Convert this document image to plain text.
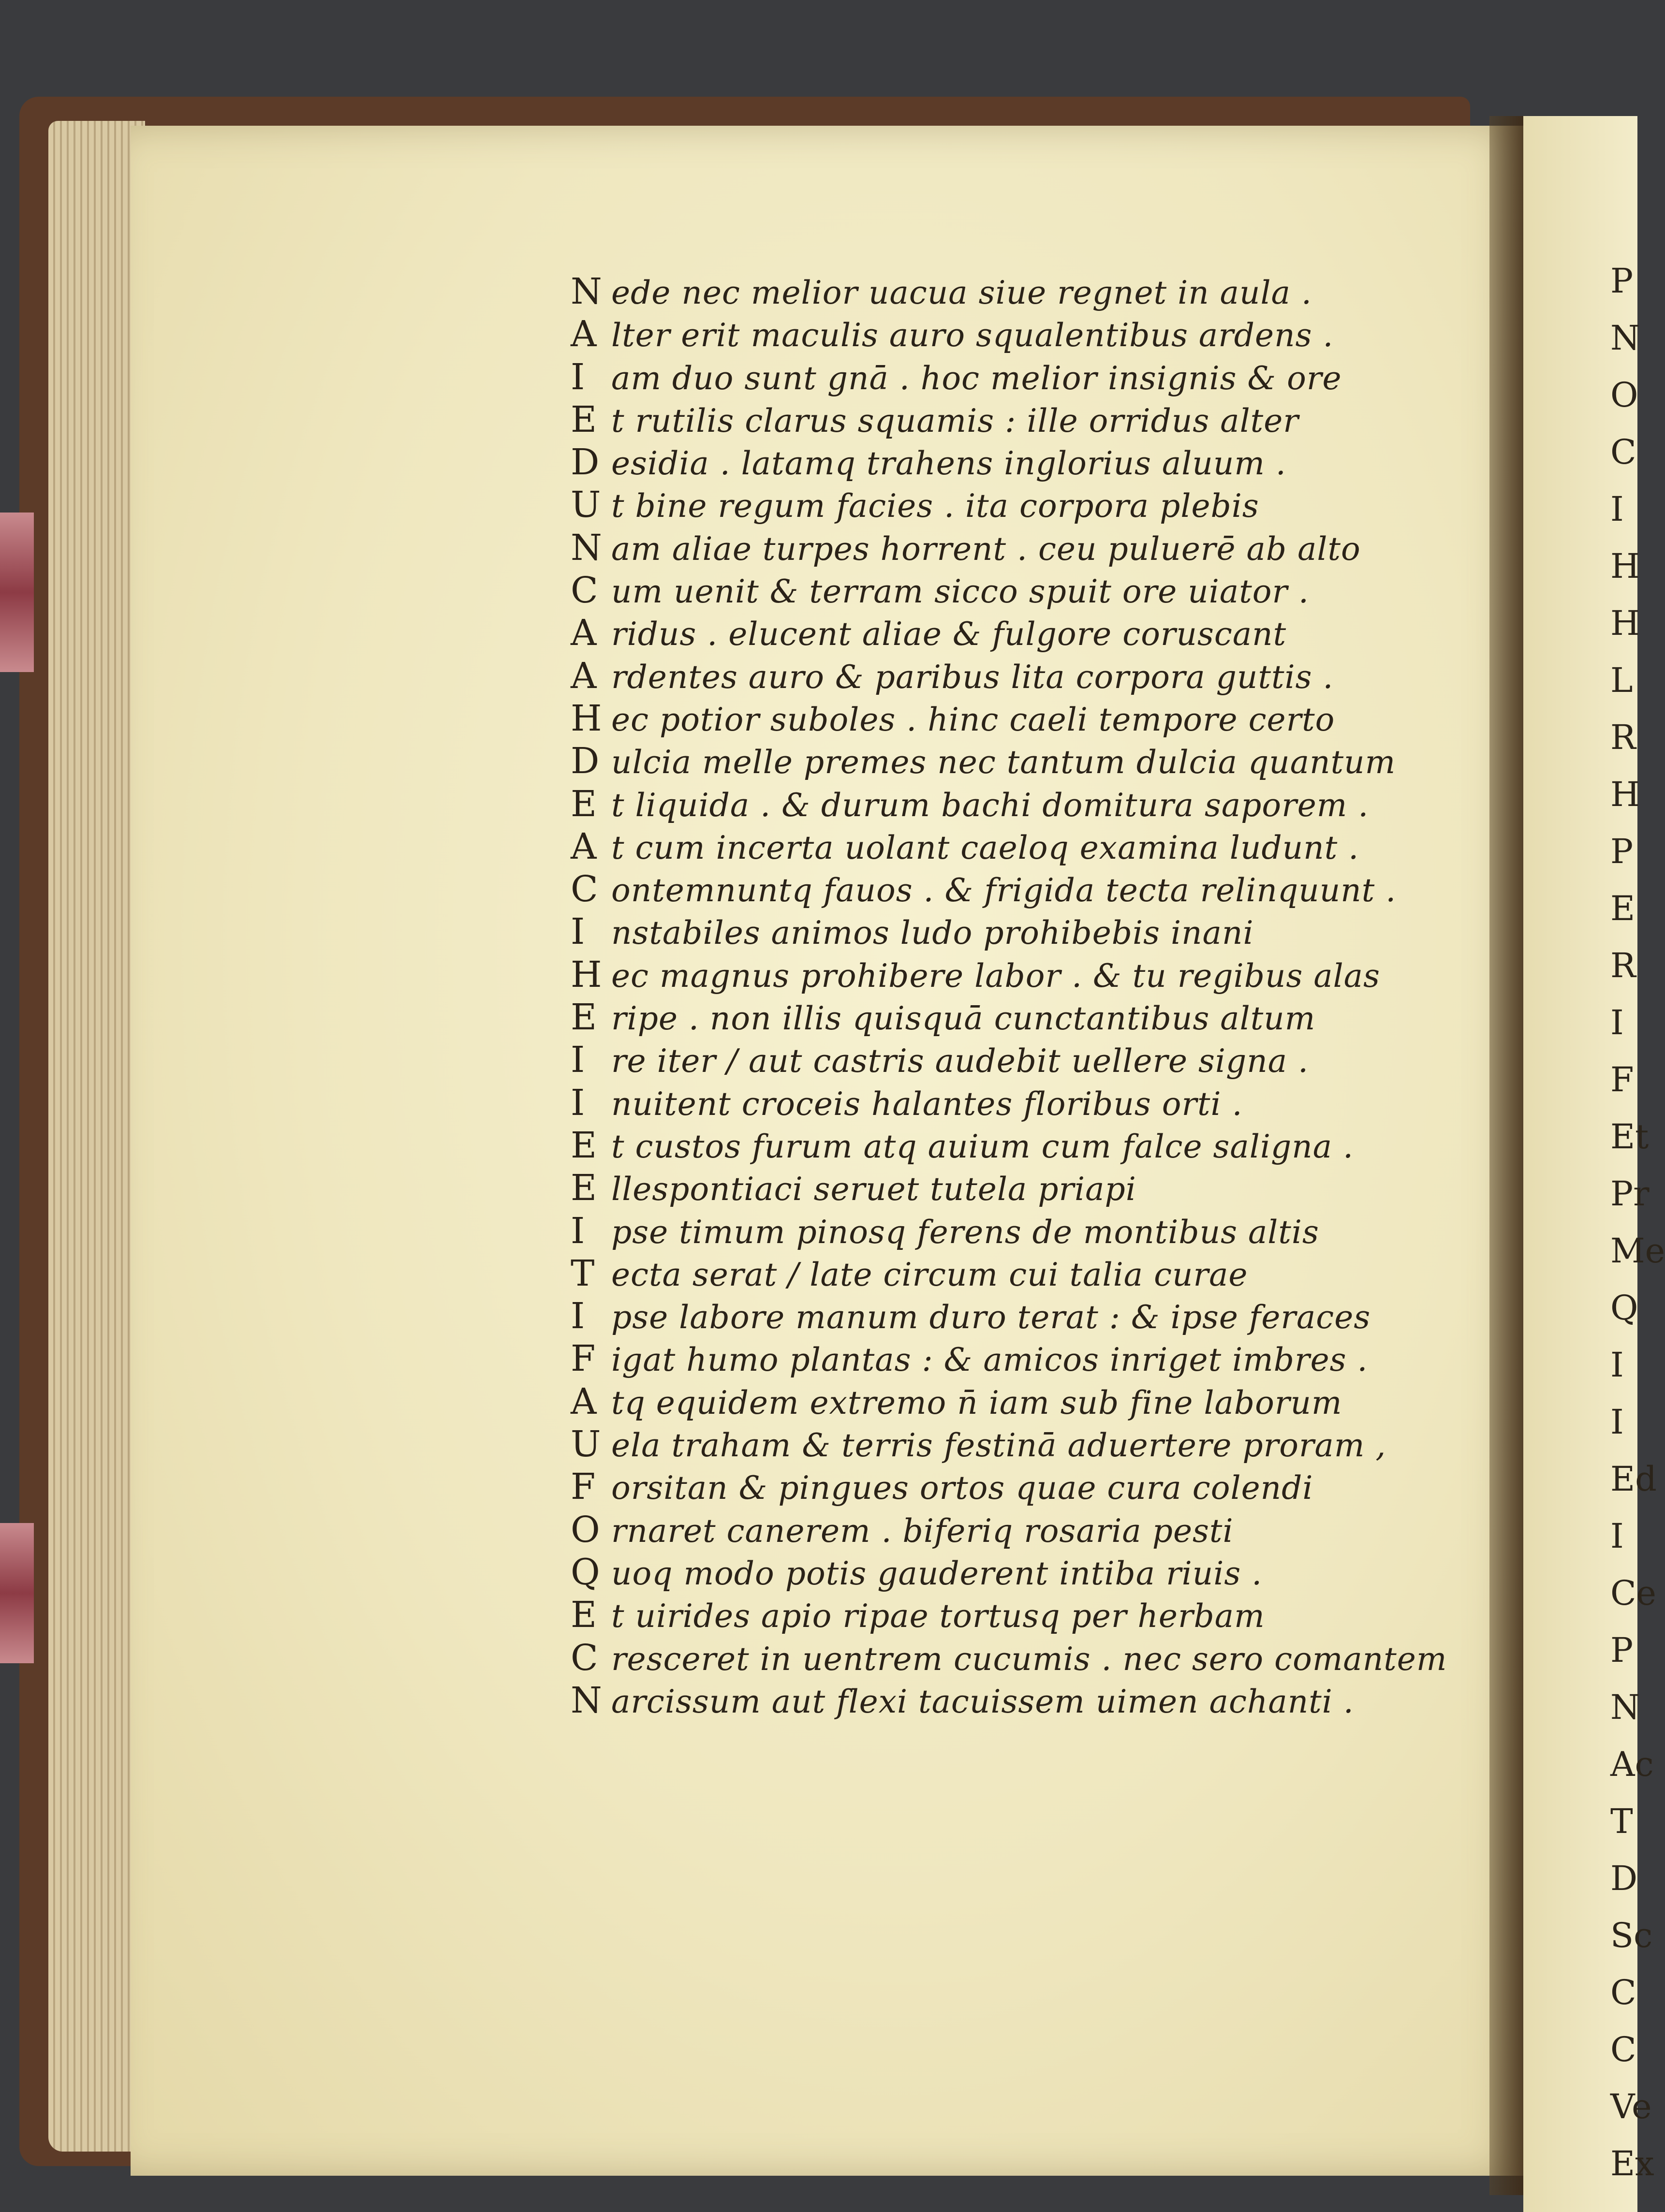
N ede nec melior uacua siue regnet in aula .
A lter erit maculis auro squalentibus ardens .
I am duo sunt gnā . hoc melior insignis & ore
E t rutilis clarus squamis : ille orridus alter
D esidia . latamq trahens inglorius aluum .
U t bine regum facies . ita corpora plebis
N am aliae turpes horrent . ceu puluerē ab alto
C um uenit & terram sicco spuit ore uiator .
A ridus . elucent aliae & fulgore coruscant
A rdentes auro & paribus lita corpora guttis .
H ec potior suboles . hinc caeli tempore certo
D ulcia melle premes nec tantum dulcia quantum
E t liquida . & durum bachi domitura saporem .
A t cum incerta uolant caeloq examina ludunt .
C ontemnuntq fauos . & frigida tecta relinquunt .
I nstabiles animos ludo prohibebis inani
H ec magnus prohibere labor . & tu regibus alas
E ripe . non illis quisquā cunctantibus altum
I re iter / aut castris audebit uellere signa .
I nuitent croceis halantes floribus orti .
E t custos furum atq auium cum falce saligna .
E llespontiaci seruet tutela priapi
I pse timum pinosq ferens de montibus altis
T ecta serat / late circum cui talia curae
I pse labore manum duro terat : & ipse feraces
F igat humo plantas : & amicos inriget imbres .
A tq equidem extremo n̄ iam sub fine laborum
U ela traham & terris festinā aduertere proram ,
F orsitan & pingues ortos quae cura colendi
O rnaret canerem . biferiq rosaria pesti
Q uoq modo potis gauderent intiba riuis .
E t uirides apio ripae tortusq per herbam
C resceret in uentrem cucumis . nec sero comantem
N arcissum aut flexi tacuissem uimen achanti .
P
N
O
C
I
H
H
L
R
H
P
E
R
I
F
Et
Pr
Me
Q
I
I
Ed
I
Ce
P
N
Ac
T
D
Sc
C
C
Ve
Ex
